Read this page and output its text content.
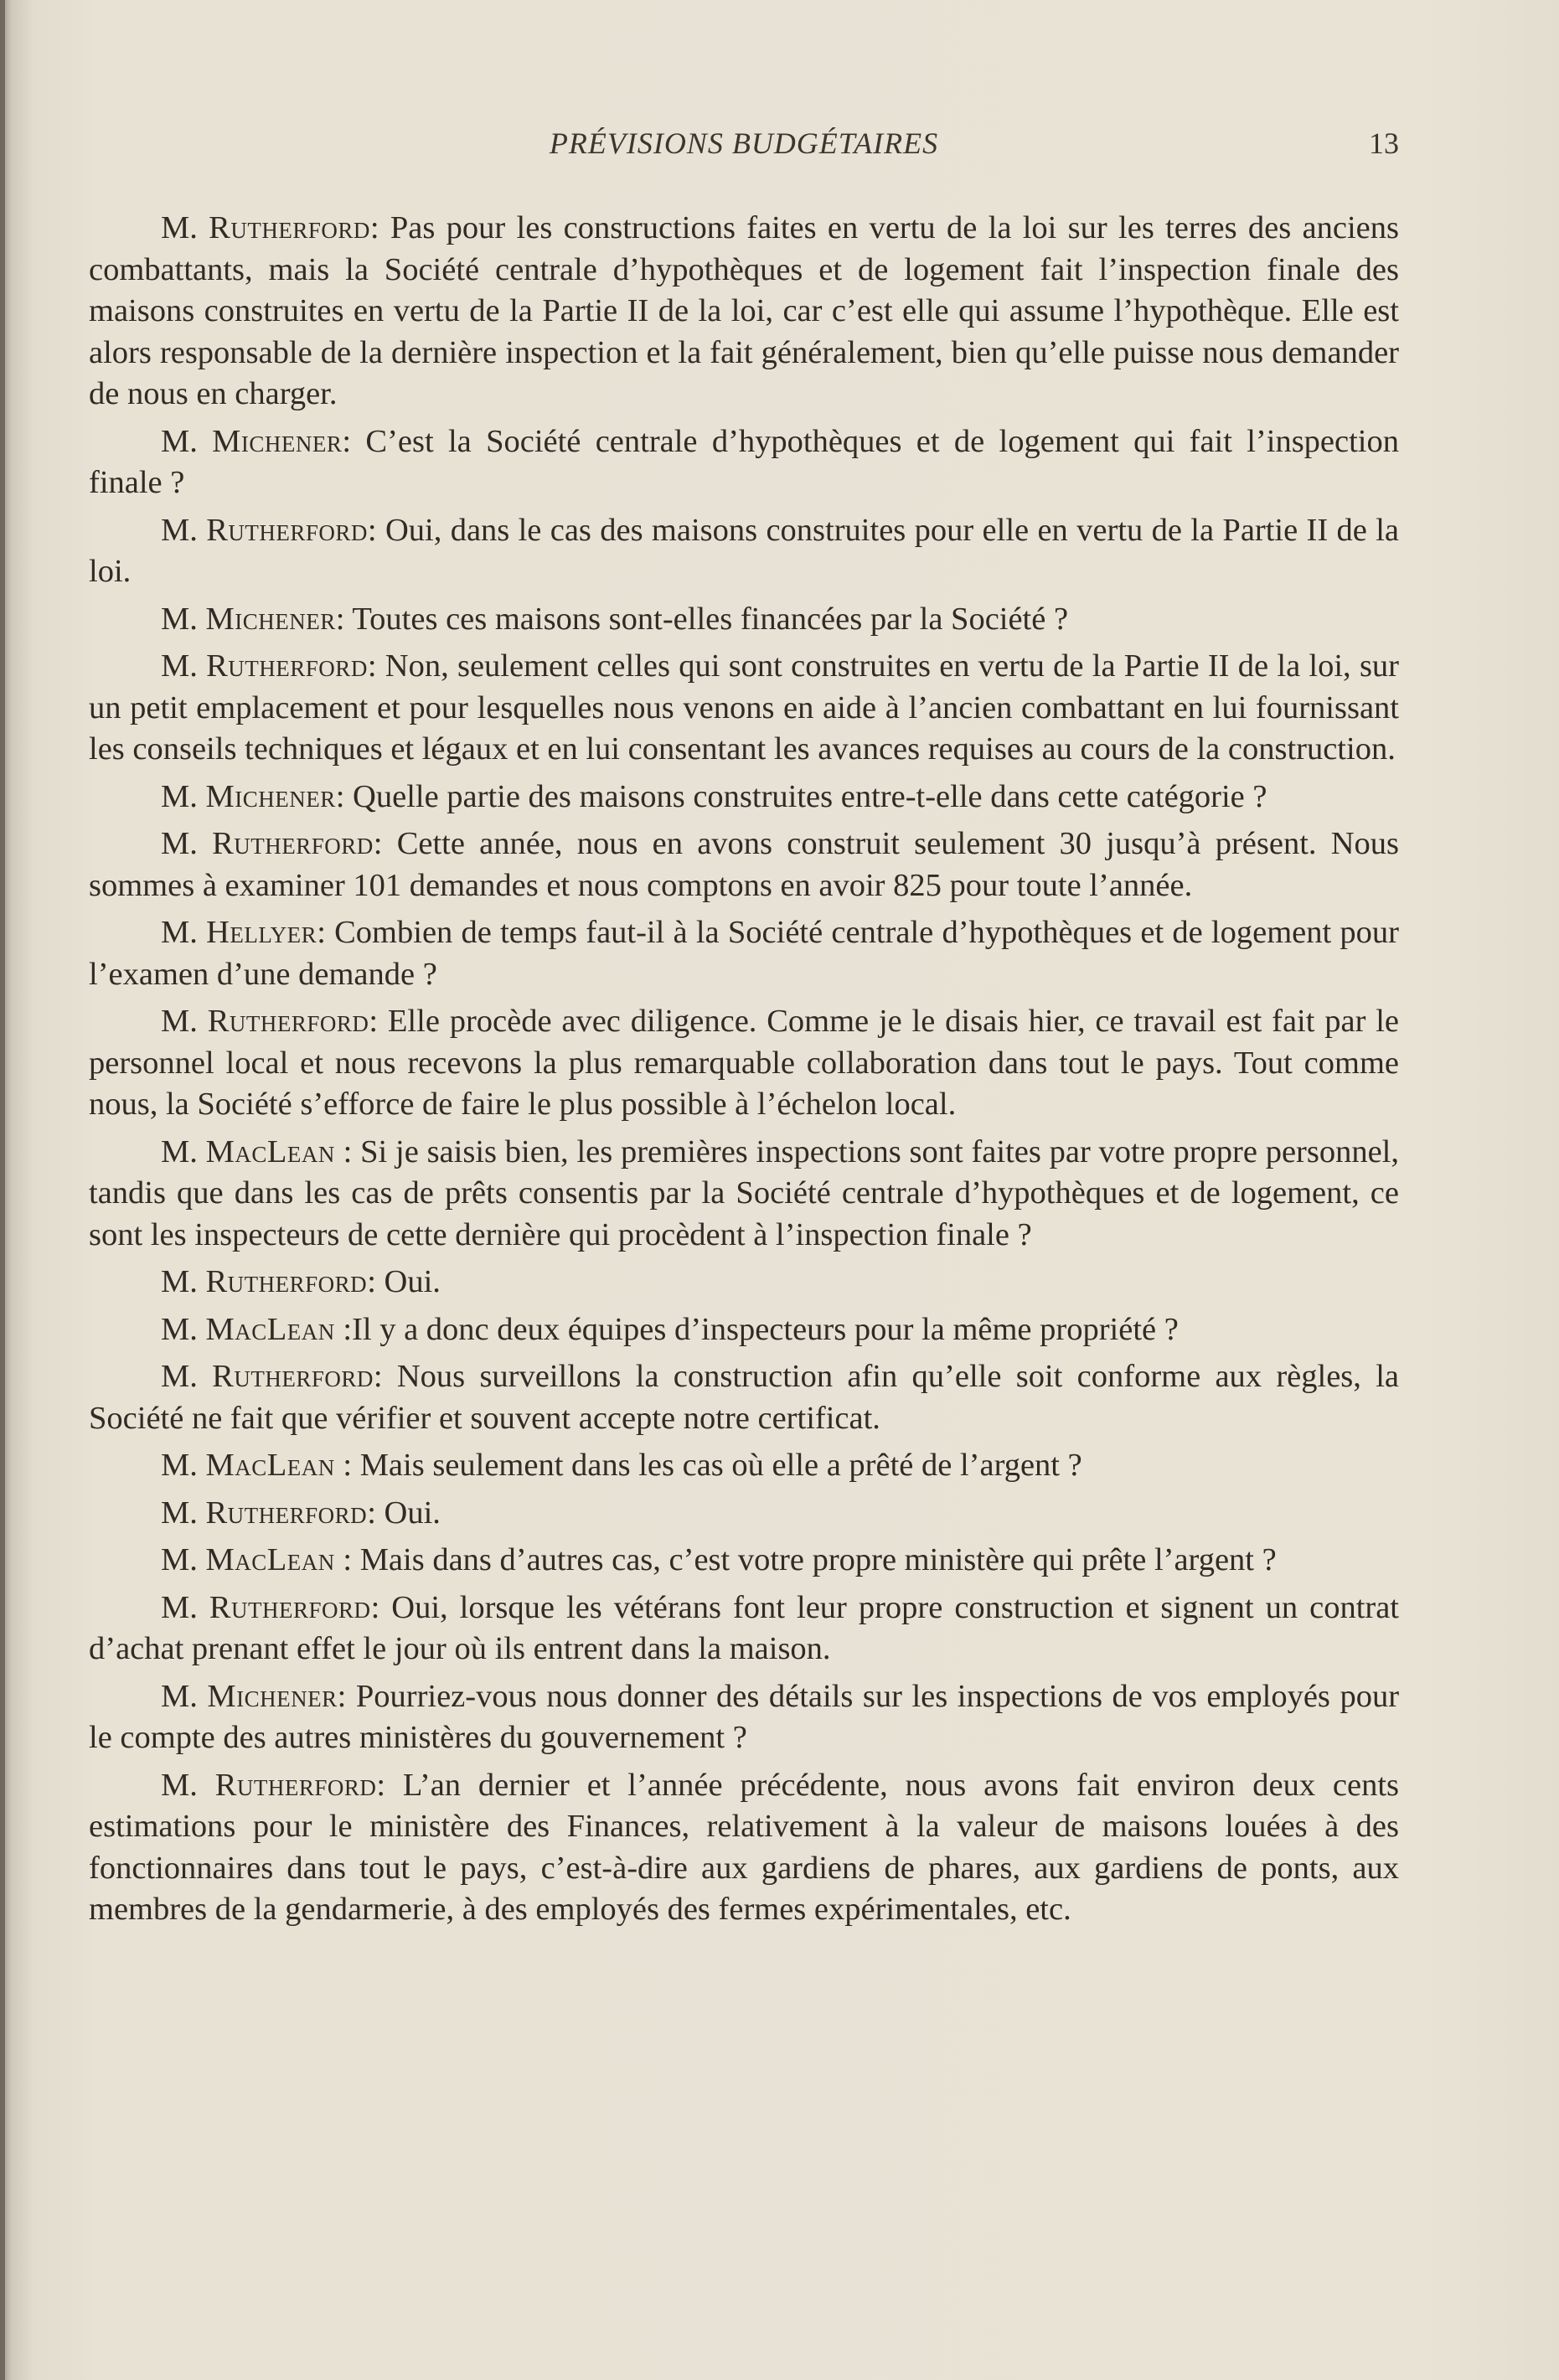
PRÉVISIONS BUDGÉTAIRES	13

M. Rutherford: Pas pour les constructions faites en vertu de la loi sur les terres des anciens combattants, mais la Société centrale d’hypothèques et de logement fait l’inspection finale des maisons construites en vertu de la Partie II de la loi, car c’est elle qui assume l’hypothèque. Elle est alors responsable de la dernière inspection et la fait généralement, bien qu’elle puisse nous demander de nous en charger.

M. Michener: C’est la Société centrale d’hypothèques et de logement qui fait l’inspection finale ?

M. Rutherford: Oui, dans le cas des maisons construites pour elle en vertu de la Partie II de la loi.

M. Michener: Toutes ces maisons sont-elles financées par la Société ?

M. Rutherford: Non, seulement celles qui sont construites en vertu de la Partie II de la loi, sur un petit emplacement et pour lesquelles nous venons en aide à l’ancien combattant en lui fournissant les conseils techniques et légaux et en lui consentant les avances requises au cours de la construction.

M. Michener: Quelle partie des maisons construites entre-t-elle dans cette catégorie ?

M. Rutherford: Cette année, nous en avons construit seulement 30 jusqu’à présent. Nous sommes à examiner 101 demandes et nous comptons en avoir 825 pour toute l’année.

M. Hellyer: Combien de temps faut-il à la Société centrale d’hypothèques et de logement pour l’examen d’une demande ?

M. Rutherford: Elle procède avec diligence. Comme je le disais hier, ce travail est fait par le personnel local et nous recevons la plus remarquable collaboration dans tout le pays. Tout comme nous, la Société s’efforce de faire le plus possible à l’échelon local.

M. MacLean : Si je saisis bien, les premières inspections sont faites par votre propre personnel, tandis que dans les cas de prêts consentis par la Société centrale d’hypothèques et de logement, ce sont les inspecteurs de cette dernière qui procèdent à l’inspection finale ?

M. Rutherford: Oui.

M. MacLean :Il y a donc deux équipes d’inspecteurs pour la même propriété ?

M. Rutherford: Nous surveillons la construction afin qu’elle soit conforme aux règles, la Société ne fait que vérifier et souvent accepte notre certificat.

M. MacLean : Mais seulement dans les cas où elle a prêté de l’argent ?

M. Rutherford: Oui.

M. MacLean : Mais dans d’autres cas, c’est votre propre ministère qui prête l’argent ?

M. Rutherford: Oui, lorsque les vétérans font leur propre construction et signent un contrat d’achat prenant effet le jour où ils entrent dans la maison.

M. Michener: Pourriez-vous nous donner des détails sur les inspections de vos employés pour le compte des autres ministères du gouvernement ?

M. Rutherford: L’an dernier et l’année précédente, nous avons fait environ deux cents estimations pour le ministère des Finances, relativement à la valeur de maisons louées à des fonctionnaires dans tout le pays, c’est-à-dire aux gardiens de phares, aux gardiens de ponts, aux membres de la gendarmerie, à des employés des fermes expérimentales, etc.
